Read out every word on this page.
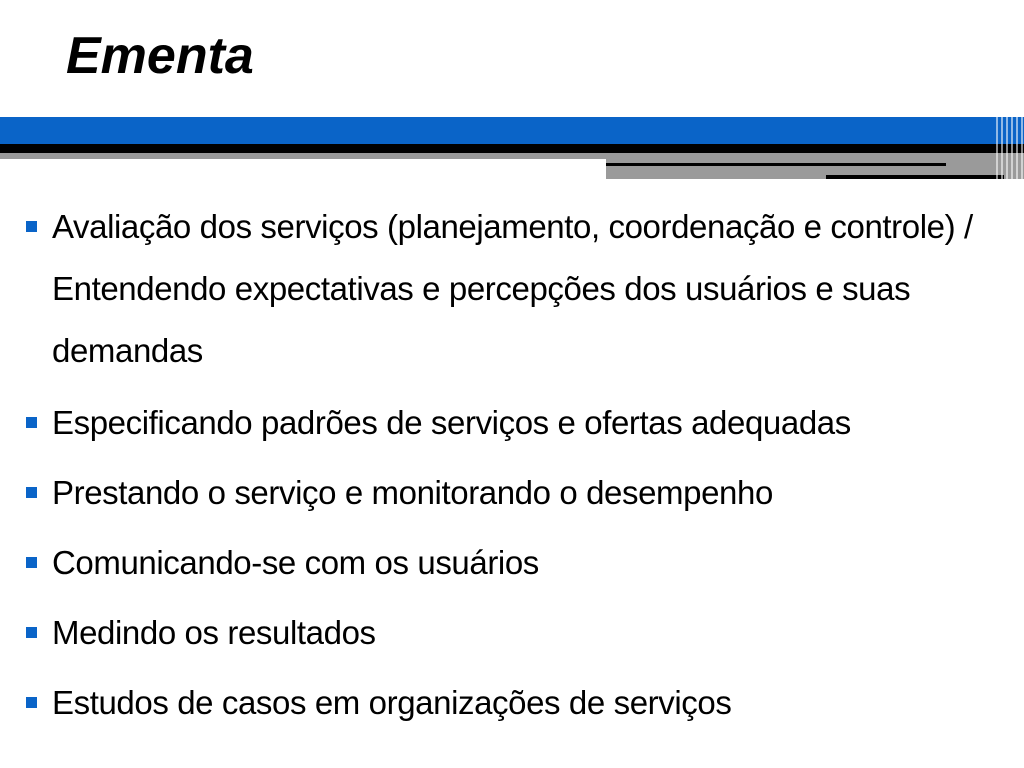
Ementa
Avaliação dos serviços (planejamento, coordenação e controle) / Entendendo expectativas e percepções dos usuários e suas demandas
Especificando padrões de serviços e ofertas adequadas
Prestando o serviço e monitorando o desempenho
Comunicando-se com os usuários
Medindo os resultados
Estudos de casos em organizações de serviços
